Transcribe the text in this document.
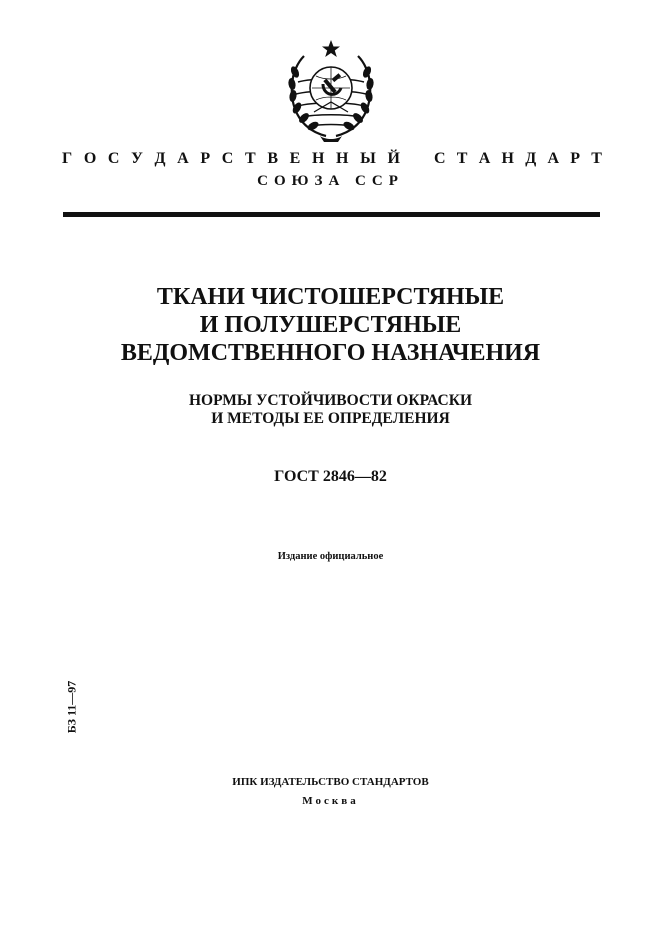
Г О С У Д А Р С Т В Е Н Н Ы Й С Т А Н Д А Р Т
СОЮЗА ССР
ТКАНИ ЧИСТОШЕРСТЯНЫЕ
И ПОЛУШЕРСТЯНЫЕ
ВЕДОМСТВЕННОГО НАЗНАЧЕНИЯ
НОРМЫ УСТОЙЧИВОСТИ ОКРАСКИ
И МЕТОДЫ ЕЕ ОПРЕДЕЛЕНИЯ
ГОСТ 2846—82
Издание официальное
БЗ 11—97
ИПК ИЗДАТЕЛЬСТВО СТАНДАРТОВ
Москва
